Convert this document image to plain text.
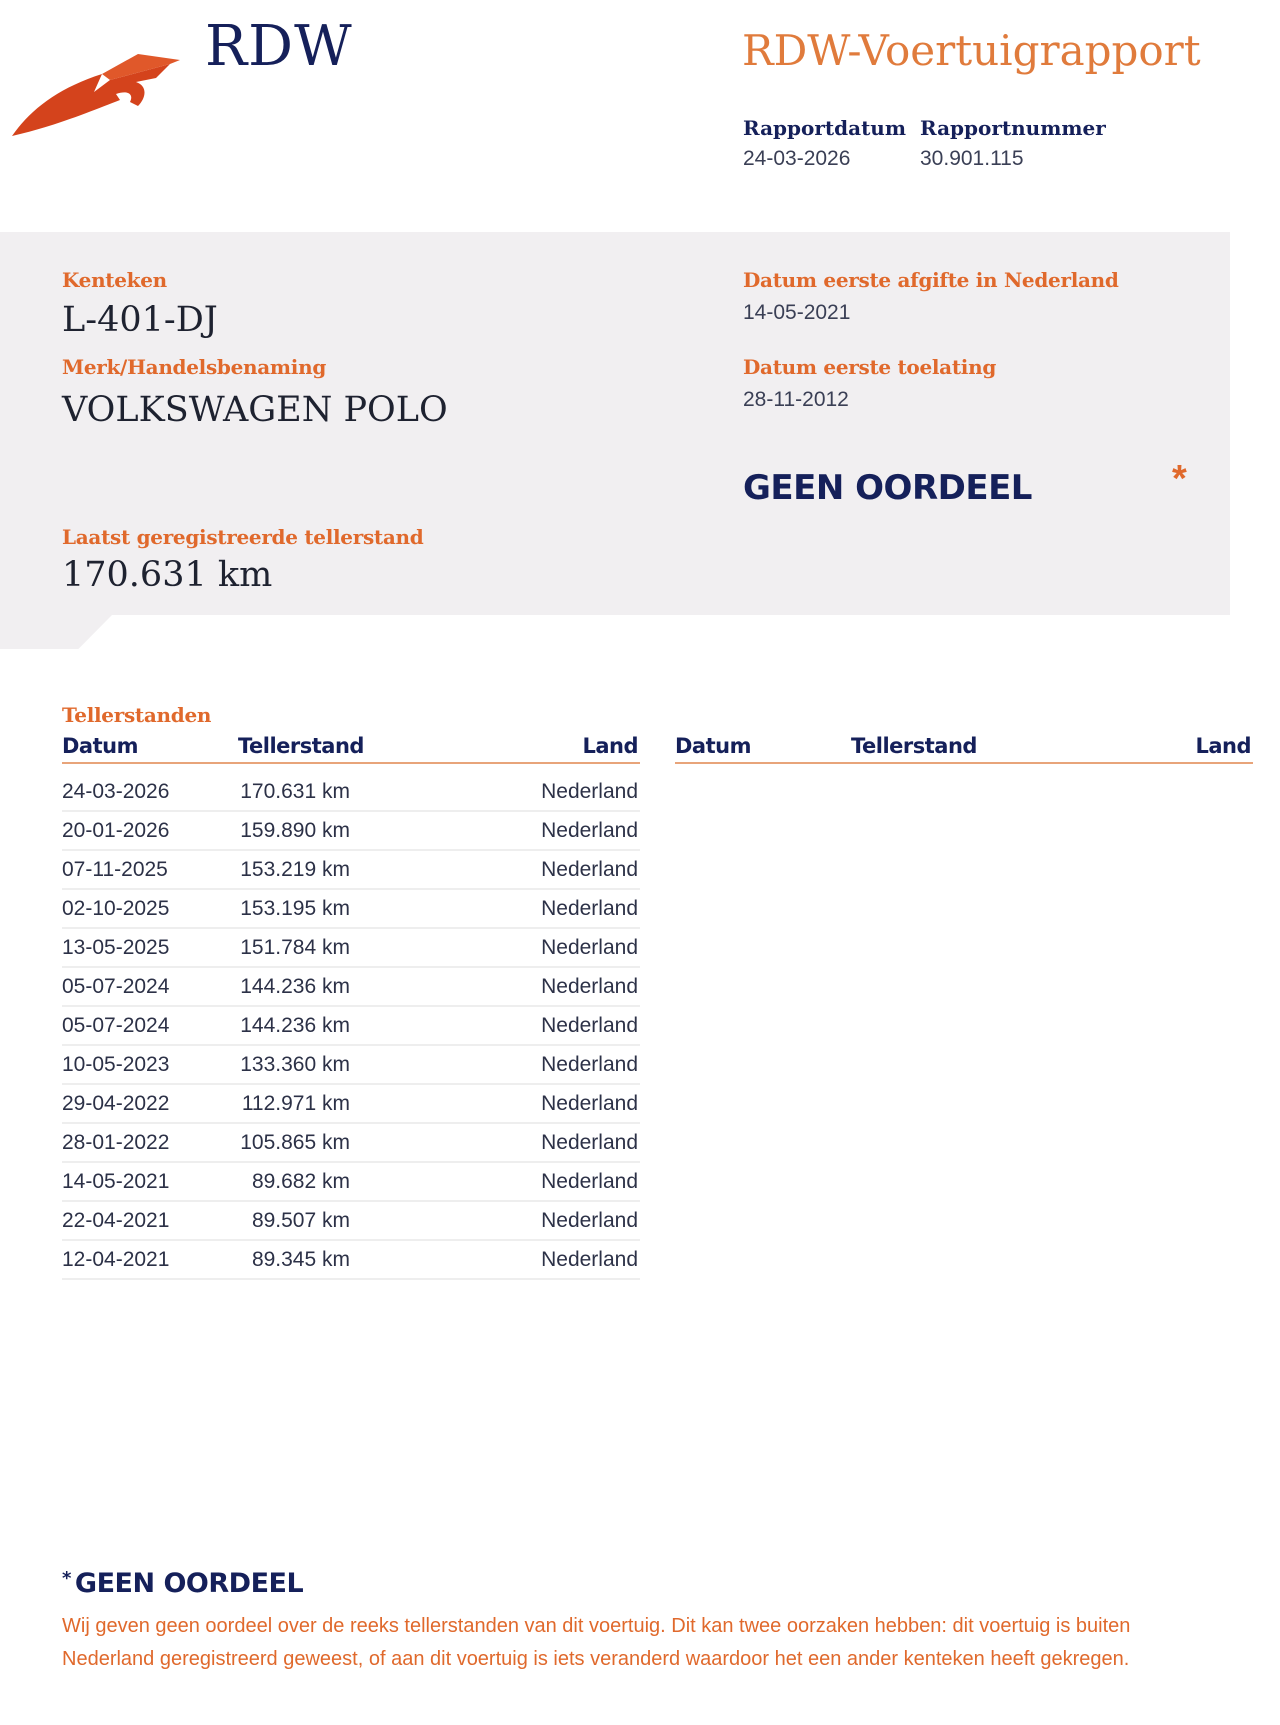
RDW	RDW-Voertuigrapport
Rapportdatum
24-03-2026
Rapportnummer
30.901.115
Kenteken
L-401-DJ
Merk/Handelsbenaming
VOLKSWAGEN POLO
Laatst geregistreerde tellerstand
170.631 km
Datum eerste afgifte in Nederland
14-05-2021
Datum eerste toelating
28-11-2012
GEEN OORDEEL	*
Tellerstanden
Datum	Tellerstand	Land Datum	Tellerstand	Land
24-03-2026	170.631 km	Nederland
20-01-2026	159.890 km	Nederland
07-11-2025	153.219 km	Nederland
02-10-2025	153.195 km	Nederland
13-05-2025	151.784 km	Nederland
05-07-2024	144.236 km	Nederland
05-07-2024	144.236 km	Nederland
10-05-2023	133.360 km	Nederland
29-04-2022	112.971 km	Nederland
28-01-2022	105.865 km	Nederland
14-05-2021	89.682 km	Nederland
22-04-2021	89.507 km	Nederland
12-04-2021	89.345 km	Nederland
* GEEN OORDEEL
Wij geven geen oordeel over de reeks tellerstanden van dit voertuig. Dit kan twee oorzaken hebben: dit voertuig is buiten Nederland geregistreerd geweest, of aan dit voertuig is iets veranderd waardoor het een ander kenteken heeft gekregen.
